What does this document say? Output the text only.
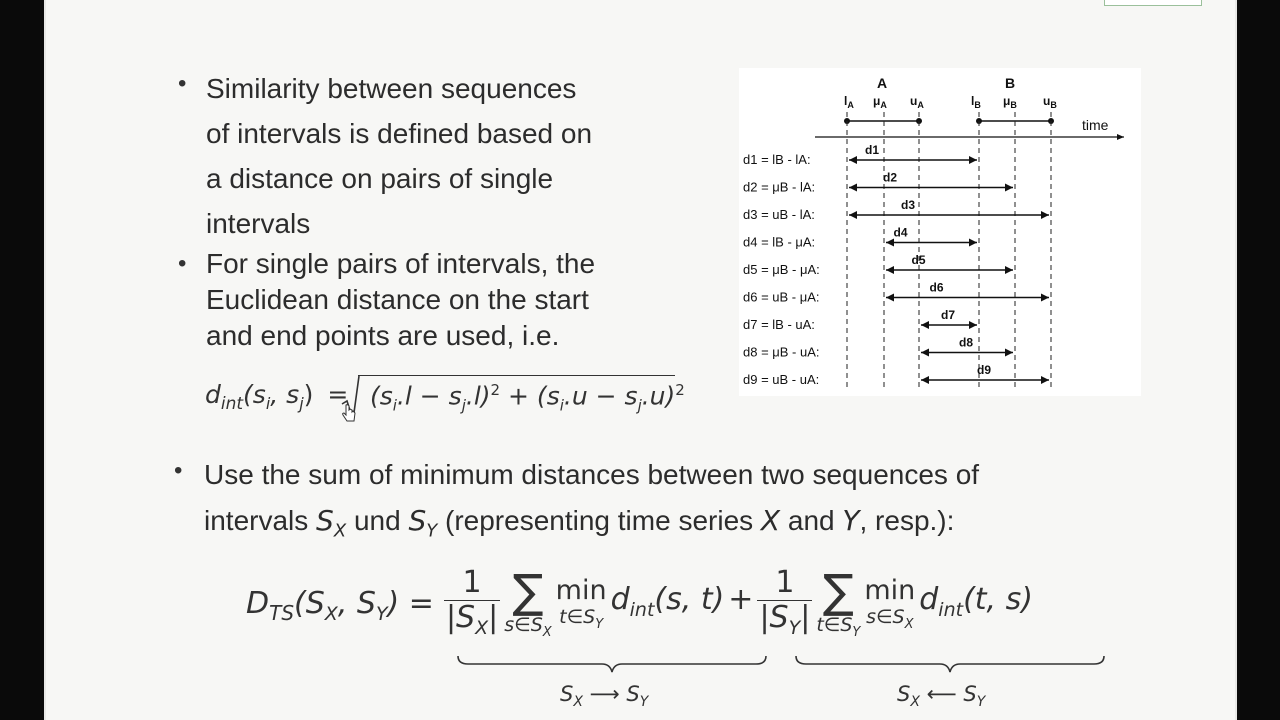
• Similarity between sequences
of intervals is defined based on
a distance on pairs of single
intervals
• For single pairs of intervals, the
Euclidean distance on the start
and end points are used, i.e.
$d_{int}(s_i$, $s_j) = (s_i.l - s_j.l)^2 + (s_i.u - s_j.u)^2$
A	B
$l_A$ $\mu_A$ $u_A$	$l_B$ $\mu_B$ $u_B$
time
d1 = lB - lA:
d1
d2 = μB - lA:
d2
d3 = uB - lA:
d3
d4 = lB - μA:
d4
d5 = μB - μA:
d5
d6 = uB - μA:
d6
d7 = lB - uA:
d7
d8 = μB - uA:
d8
d9 = uB - uA:
d9
• Use the sum of minimum distances between two sequences of
intervals $S_X$ und $S_Y$ (representing time series X and Y, resp.):
$D_{TS}(S_X$, $S_Y) = \frac{1}{|S_X|}$ ∑
$s\in S_X$
min
$t\in S_Y$
$d_{int}(s$, $t) + \frac{1}{|S_Y|}$ ∑
$t\in S_Y$
min
$s\in S_X$
$d_{int}(t$, s)
$S_X$ ⟶ $S_Y$	$S_X$ ⟵ $S_Y$
